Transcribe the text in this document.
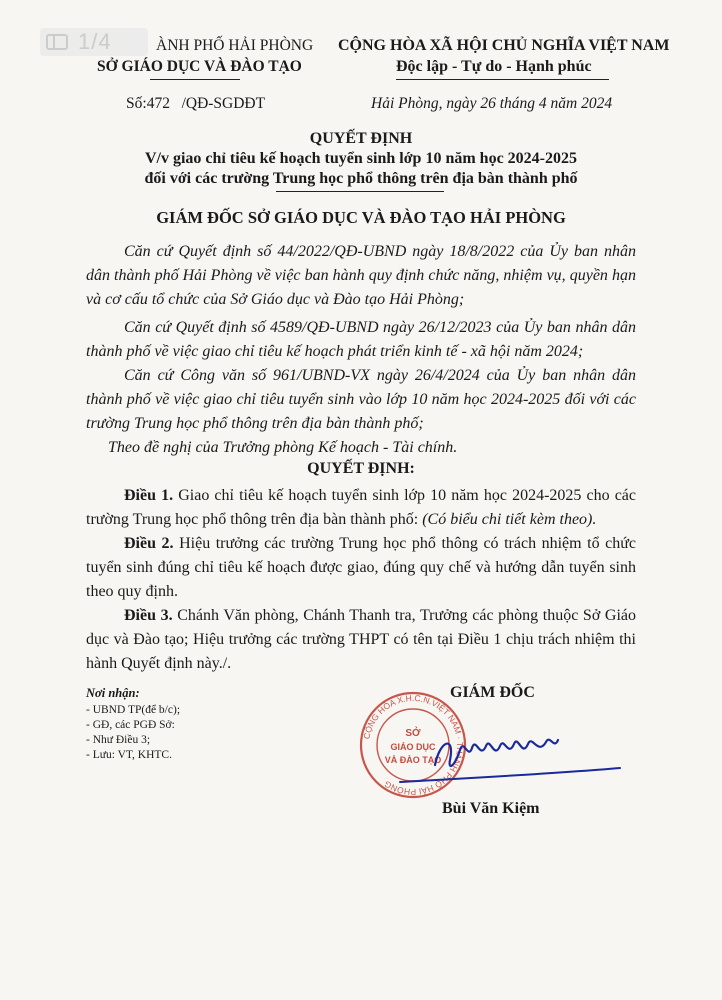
1/4	ÀNH PHỐ HẢI PHÒNG
SỞ GIÁO DỤC VÀ ĐÀO TẠO
CỘNG HÒA XÃ HỘI CHỦ NGHĨA VIỆT NAM
Độc lập - Tự do - Hạnh phúc
Số:472 /QĐ-SGDĐT	Hải Phòng, ngày 26 tháng 4 năm 2024
QUYẾT ĐỊNH
V/v giao chỉ tiêu kế hoạch tuyển sinh lớp 10 năm học 2024-2025
đối với các trường Trung học phổ thông trên địa bàn thành phố
GIÁM ĐỐC SỞ GIÁO DỤC VÀ ĐÀO TẠO HẢI PHÒNG
Căn cứ Quyết định số 44/2022/QĐ-UBND ngày 18/8/2022 của Ủy ban nhân dân thành phố Hải Phòng về việc ban hành quy định chức năng, nhiệm vụ, quyền hạn và cơ cấu tổ chức của Sở Giáo dục và Đào tạo Hải Phòng;
Căn cứ Quyết định số 4589/QĐ-UBND ngày 26/12/2023 của Ủy ban nhân dân thành phố về việc giao chỉ tiêu kế hoạch phát triển kinh tế - xã hội năm 2024;
Căn cứ Công văn số 961/UBND-VX ngày 26/4/2024 của Ủy ban nhân dân thành phố về việc giao chỉ tiêu tuyển sinh vào lớp 10 năm học 2024-2025 đối với các trường Trung học phổ thông trên địa bàn thành phố;
Theo đề nghị của Trưởng phòng Kế hoạch - Tài chính.
QUYẾT ĐỊNH:
Điều 1. Giao chỉ tiêu kế hoạch tuyển sinh lớp 10 năm học 2024-2025 cho các trường Trung học phổ thông trên địa bàn thành phố: (Có biểu chi tiết kèm theo).
Điều 2. Hiệu trưởng các trường Trung học phổ thông có trách nhiệm tổ chức tuyển sinh đúng chỉ tiêu kế hoạch được giao, đúng quy chế và hướng dẫn tuyển sinh theo quy định.
Điều 3. Chánh Văn phòng, Chánh Thanh tra, Trưởng các phòng thuộc Sở Giáo dục và Đào tạo; Hiệu trưởng các trường THPT có tên tại Điều 1 chịu trách nhiệm thi hành Quyết định này./.
Nơi nhận:
- UBND TP(để b/c);
- GĐ, các PGĐ Sở:
- Như Điều 3;
- Lưu: VT, KHTC.
GIÁM ĐỐC
CỘNG HÒA X.H.C.N.VIỆT NAM · THÀNH PHỐ HẢI PHÒNG
SỞ
GIÁO DỤC
VÀ ĐÀO TẠO
Bùi Văn Kiệm
